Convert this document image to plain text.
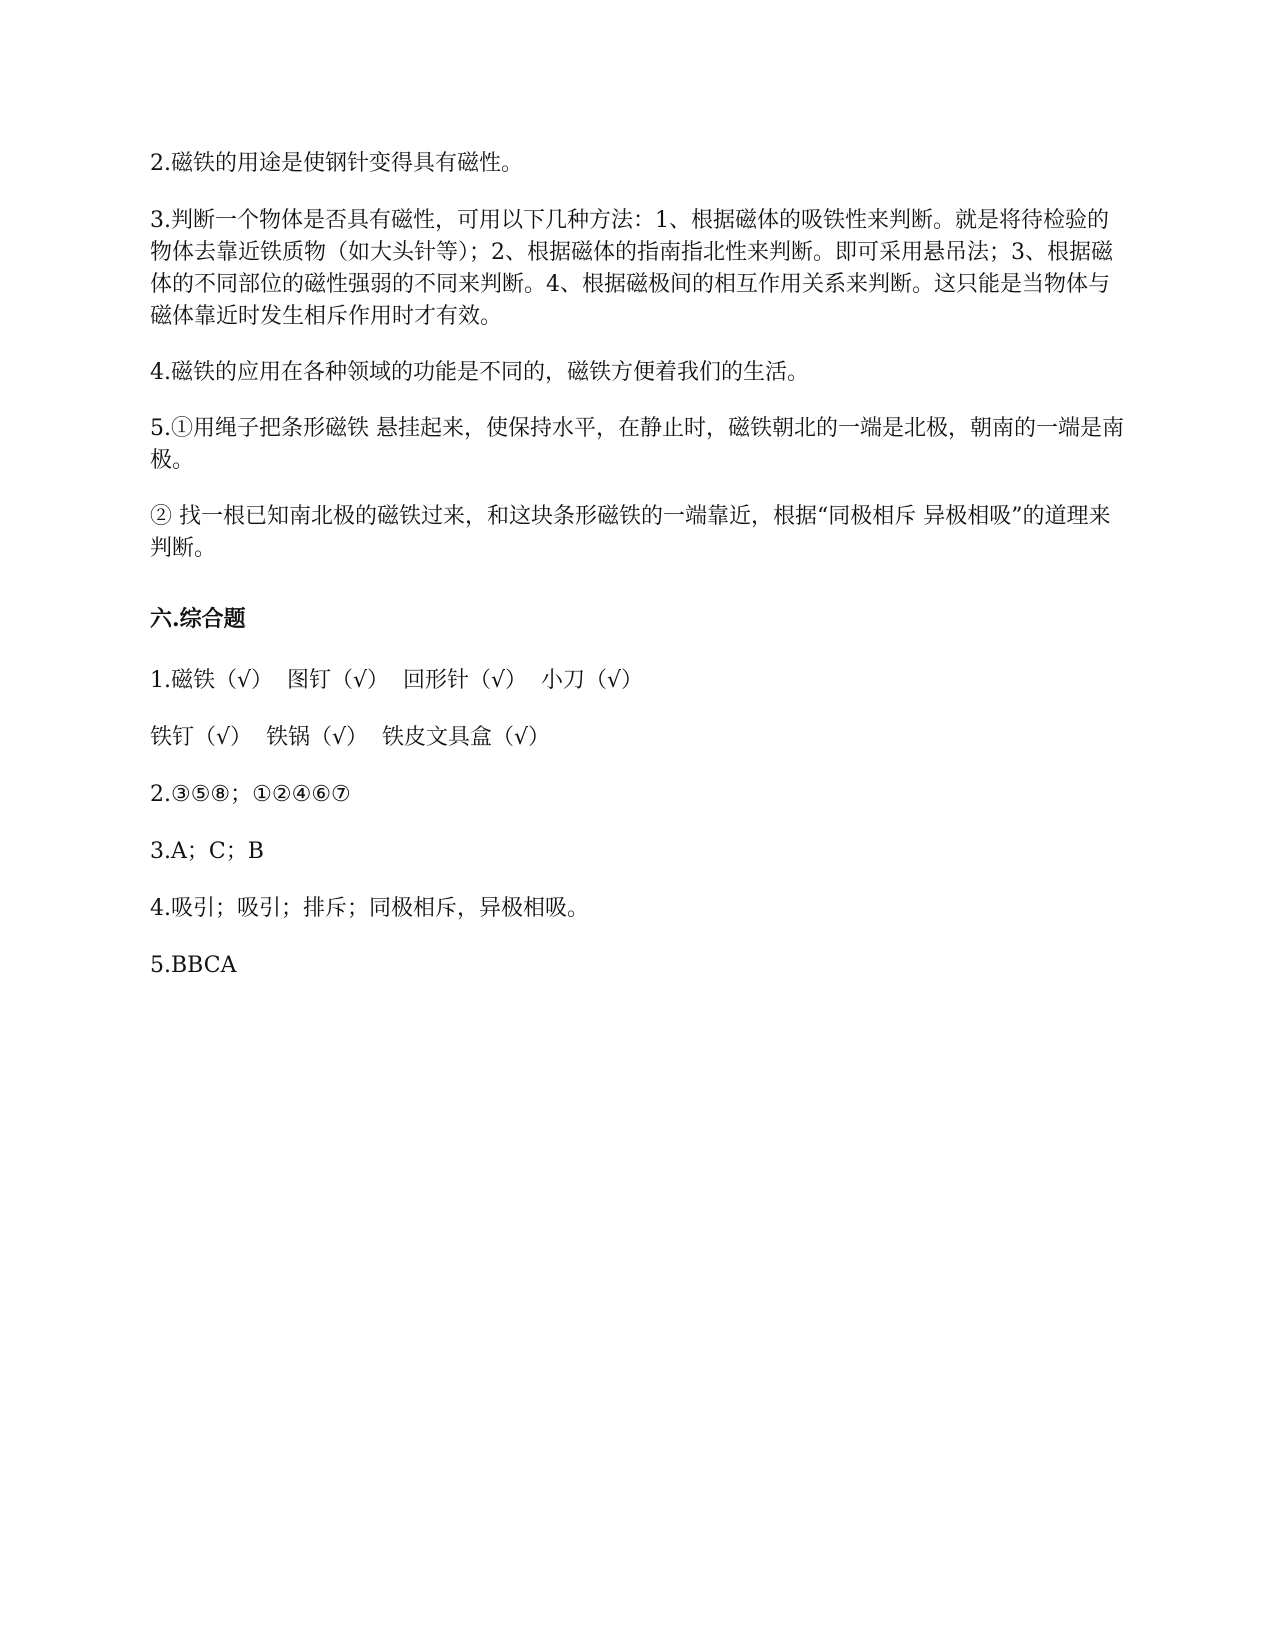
2.磁铁的用途是使钢针变得具有磁性。

3.判断一个物体是否具有磁性，可用以下几种方法：1、根据磁体的吸铁性来判断。就是将待检验的物体去靠近铁质物（如大头针等）；2、根据磁体的指南指北性来判断。即可采用悬吊法；3、根据磁体的不同部位的磁性强弱的不同来判断。4、根据磁极间的相互作用关系来判断。这只能是当物体与磁体靠近时发生相斥作用时才有效。

4.磁铁的应用在各种领域的功能是不同的，磁铁方便着我们的生活。

5.①用绳子把条形磁铁 悬挂起来，使保持水平，在静止时，磁铁朝北的一端是北极，朝南的一端是南极。

② 找一根已知南北极的磁铁过来，和这块条形磁铁的一端靠近，根据“同极相斥 异极相吸”的道理来判断。

六.综合题

1.磁铁（√）  图钉（√）  回形针（√）  小刀（√）

铁钉（√）  铁锅（√）  铁皮文具盒（√）

2.③⑤⑧；①②④⑥⑦

3.A；C；B

4.吸引；吸引；排斥；同极相斥，异极相吸。

5.BBCA
